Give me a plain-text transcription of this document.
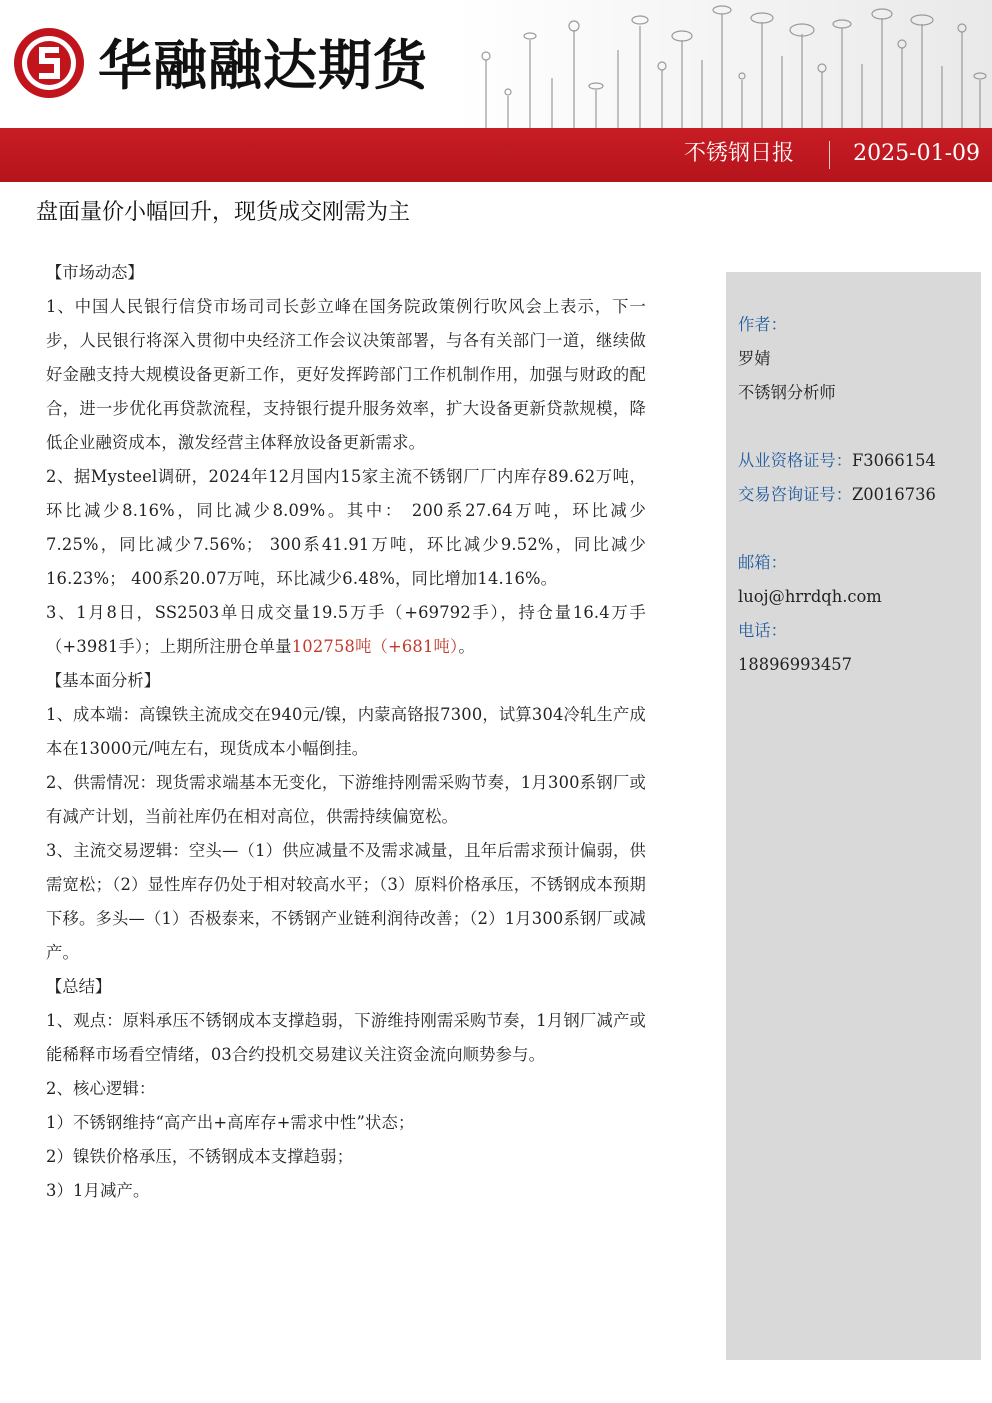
华融融达期货
不锈钢日报	2025-01-09
盘面量价小幅回升，现货成交刚需为主

【市场动态】

1、中国人民银行信贷市场司司长彭立峰在国务院政策例行吹风会上表示，下一步，人民银行将深入贯彻中央经济工作会议决策部署，与各有关部门一道，继续做好金融支持大规模设备更新工作，更好发挥跨部门工作机制作用，加强与财政的配合，进一步优化再贷款流程，支持银行提升服务效率，扩大设备更新贷款规模，降低企业融资成本，激发经营主体释放设备更新需求。

2、据Mysteel调研，2024年12月国内15家主流不锈钢厂厂内库存89.62万吨，环比减少8.16%，同比减少8.09%。其中： 200系27.64万吨，环比减少7.25%，同比减少7.56%； 300系41.91万吨，环比减少9.52%，同比减少16.23%； 400系20.07万吨，环比减少6.48%，同比增加14.16%。

3、1月8日，SS2503单日成交量19.5万手（+69792手），持仓量16.4万手（+3981手）；上期所注册仓单量102758吨（+681吨）。

【基本面分析】

1、成本端：高镍铁主流成交在940元/镍，内蒙高铬报7300，试算304冷轧生产成本在13000元/吨左右，现货成本小幅倒挂。

2、供需情况：现货需求端基本无变化，下游维持刚需采购节奏，1月300系钢厂或有减产计划，当前社库仍在相对高位，供需持续偏宽松。

3、主流交易逻辑：空头—（1）供应减量不及需求减量，且年后需求预计偏弱，供需宽松；（2）显性库存仍处于相对较高水平；（3）原料价格承压，不锈钢成本预期下移。多头—（1）否极泰来，不锈钢产业链利润待改善；（2）1月300系钢厂或减产。

【总结】

1、观点：原料承压不锈钢成本支撑趋弱，下游维持刚需采购节奏，1月钢厂减产或能稀释市场看空情绪，03合约投机交易建议关注资金流向顺势参与。

2、核心逻辑：

1）不锈钢维持“高产出+高库存+需求中性”状态；

2）镍铁价格承压，不锈钢成本支撑趋弱；

3）1月减产。

作者：
罗婧
不锈钢分析师
从业资格证号：F3066154
交易咨询证号：Z0016736
邮箱：
luoj@hrrdqh.com
电话：
18896993457
